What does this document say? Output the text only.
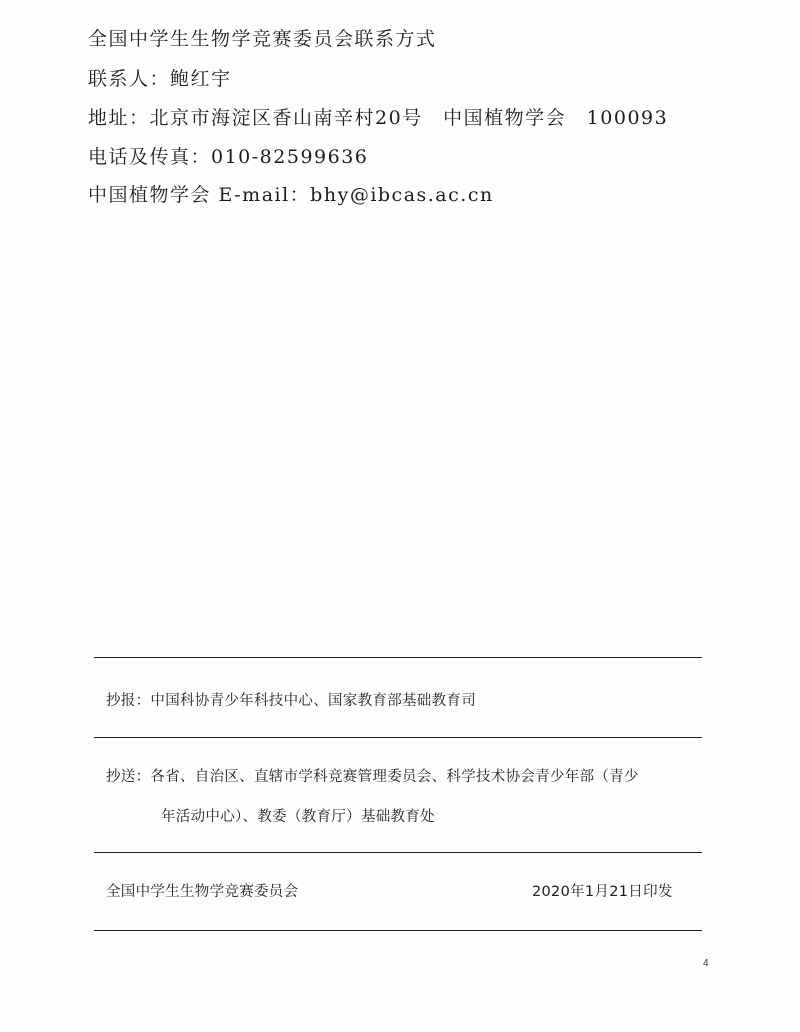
全国中学生生物学竞赛委员会联系方式
联系人：鲍红宇
地址：北京市海淀区香山南辛村20号　中国植物学会　100093
电话及传真：010-82599636
中国植物学会 E-mail：bhy@ibcas.ac.cn
抄报：中国科协青少年科技中心、国家教育部基础教育司
抄送：各省、自治区、直辖市学科竞赛管理委员会、科学技术协会青少年部（青少
年活动中心）、教委（教育厅）基础教育处
全国中学生生物学竞赛委员会	2020年1月21日印发
4
